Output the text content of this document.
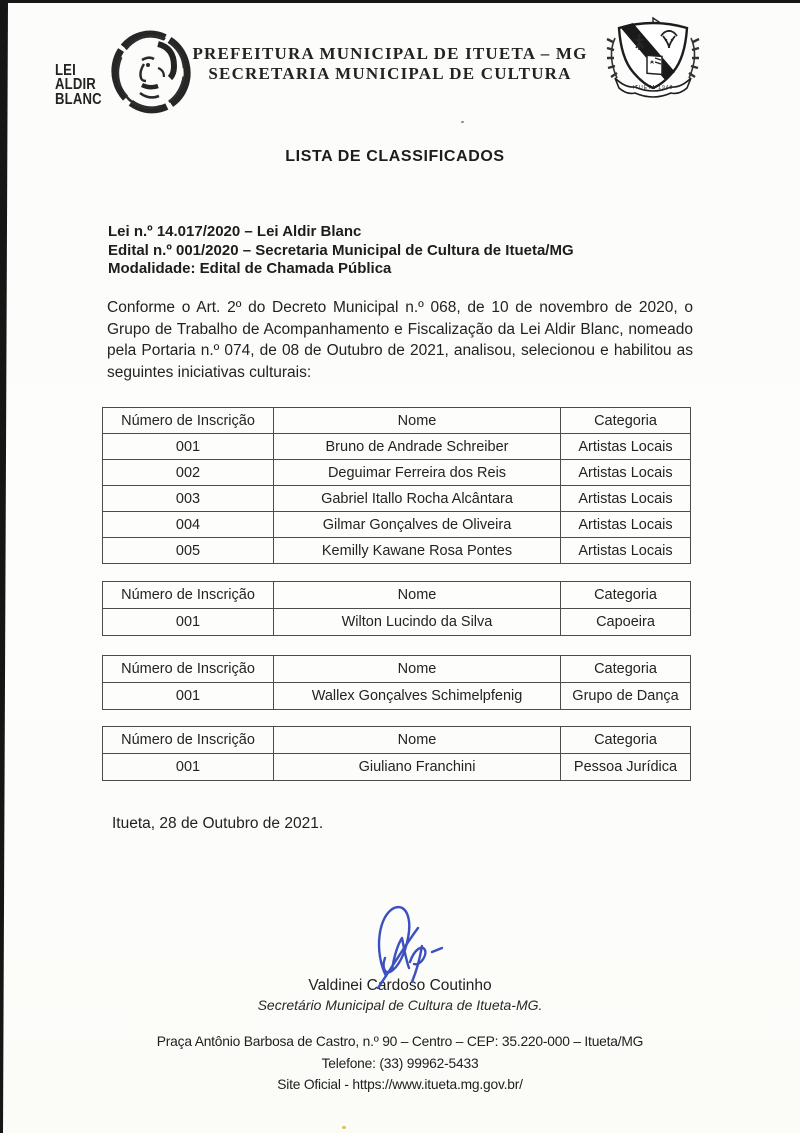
LEI
ALDIR
BLANC
PREFEITURA MUNICIPAL DE ITUETA – MG
SECRETARIA MUNICIPAL DE CULTURA
ITUETA 1948
LISTA DE CLASSIFICADOS
Lei n.º 14.017/2020 – Lei Aldir Blanc
Edital n.º 001/2020 – Secretaria Municipal de Cultura de Itueta/MG
Modalidade: Edital de Chamada Pública
Conforme o Art. 2º do Decreto Municipal n.º 068, de 10 de novembro de 2020, o Grupo de Trabalho de Acompanhamento e Fiscalização da Lei Aldir Blanc, nomeado pela Portaria n.º 074, de 08 de Outubro de 2021, analisou, selecionou e habilitou as seguintes iniciativas culturais:
Número de Inscrição	Nome	Categoria
001	Bruno de Andrade Schreiber	Artistas Locais
002	Deguimar Ferreira dos Reis	Artistas Locais
003	Gabriel Itallo Rocha Alcântara	Artistas Locais
004	Gilmar Gonçalves de Oliveira	Artistas Locais
005	Kemilly Kawane Rosa Pontes	Artistas Locais
Número de Inscrição	Nome	Categoria
001	Wilton Lucindo da Silva	Capoeira
Número de Inscrição	Nome	Categoria
001	Wallex Gonçalves Schimelpfenig	Grupo de Dança
Número de Inscrição	Nome	Categoria
001	Giuliano Franchini	Pessoa Jurídica
Itueta, 28 de Outubro de 2021.
Valdinei Cardoso Coutinho
Secretário Municipal de Cultura de Itueta-MG.
Praça Antônio Barbosa de Castro, n.º 90 – Centro – CEP: 35.220-000 – Itueta/MG
Telefone: (33) 99962-5433
Site Oficial - https://www.itueta.mg.gov.br/
